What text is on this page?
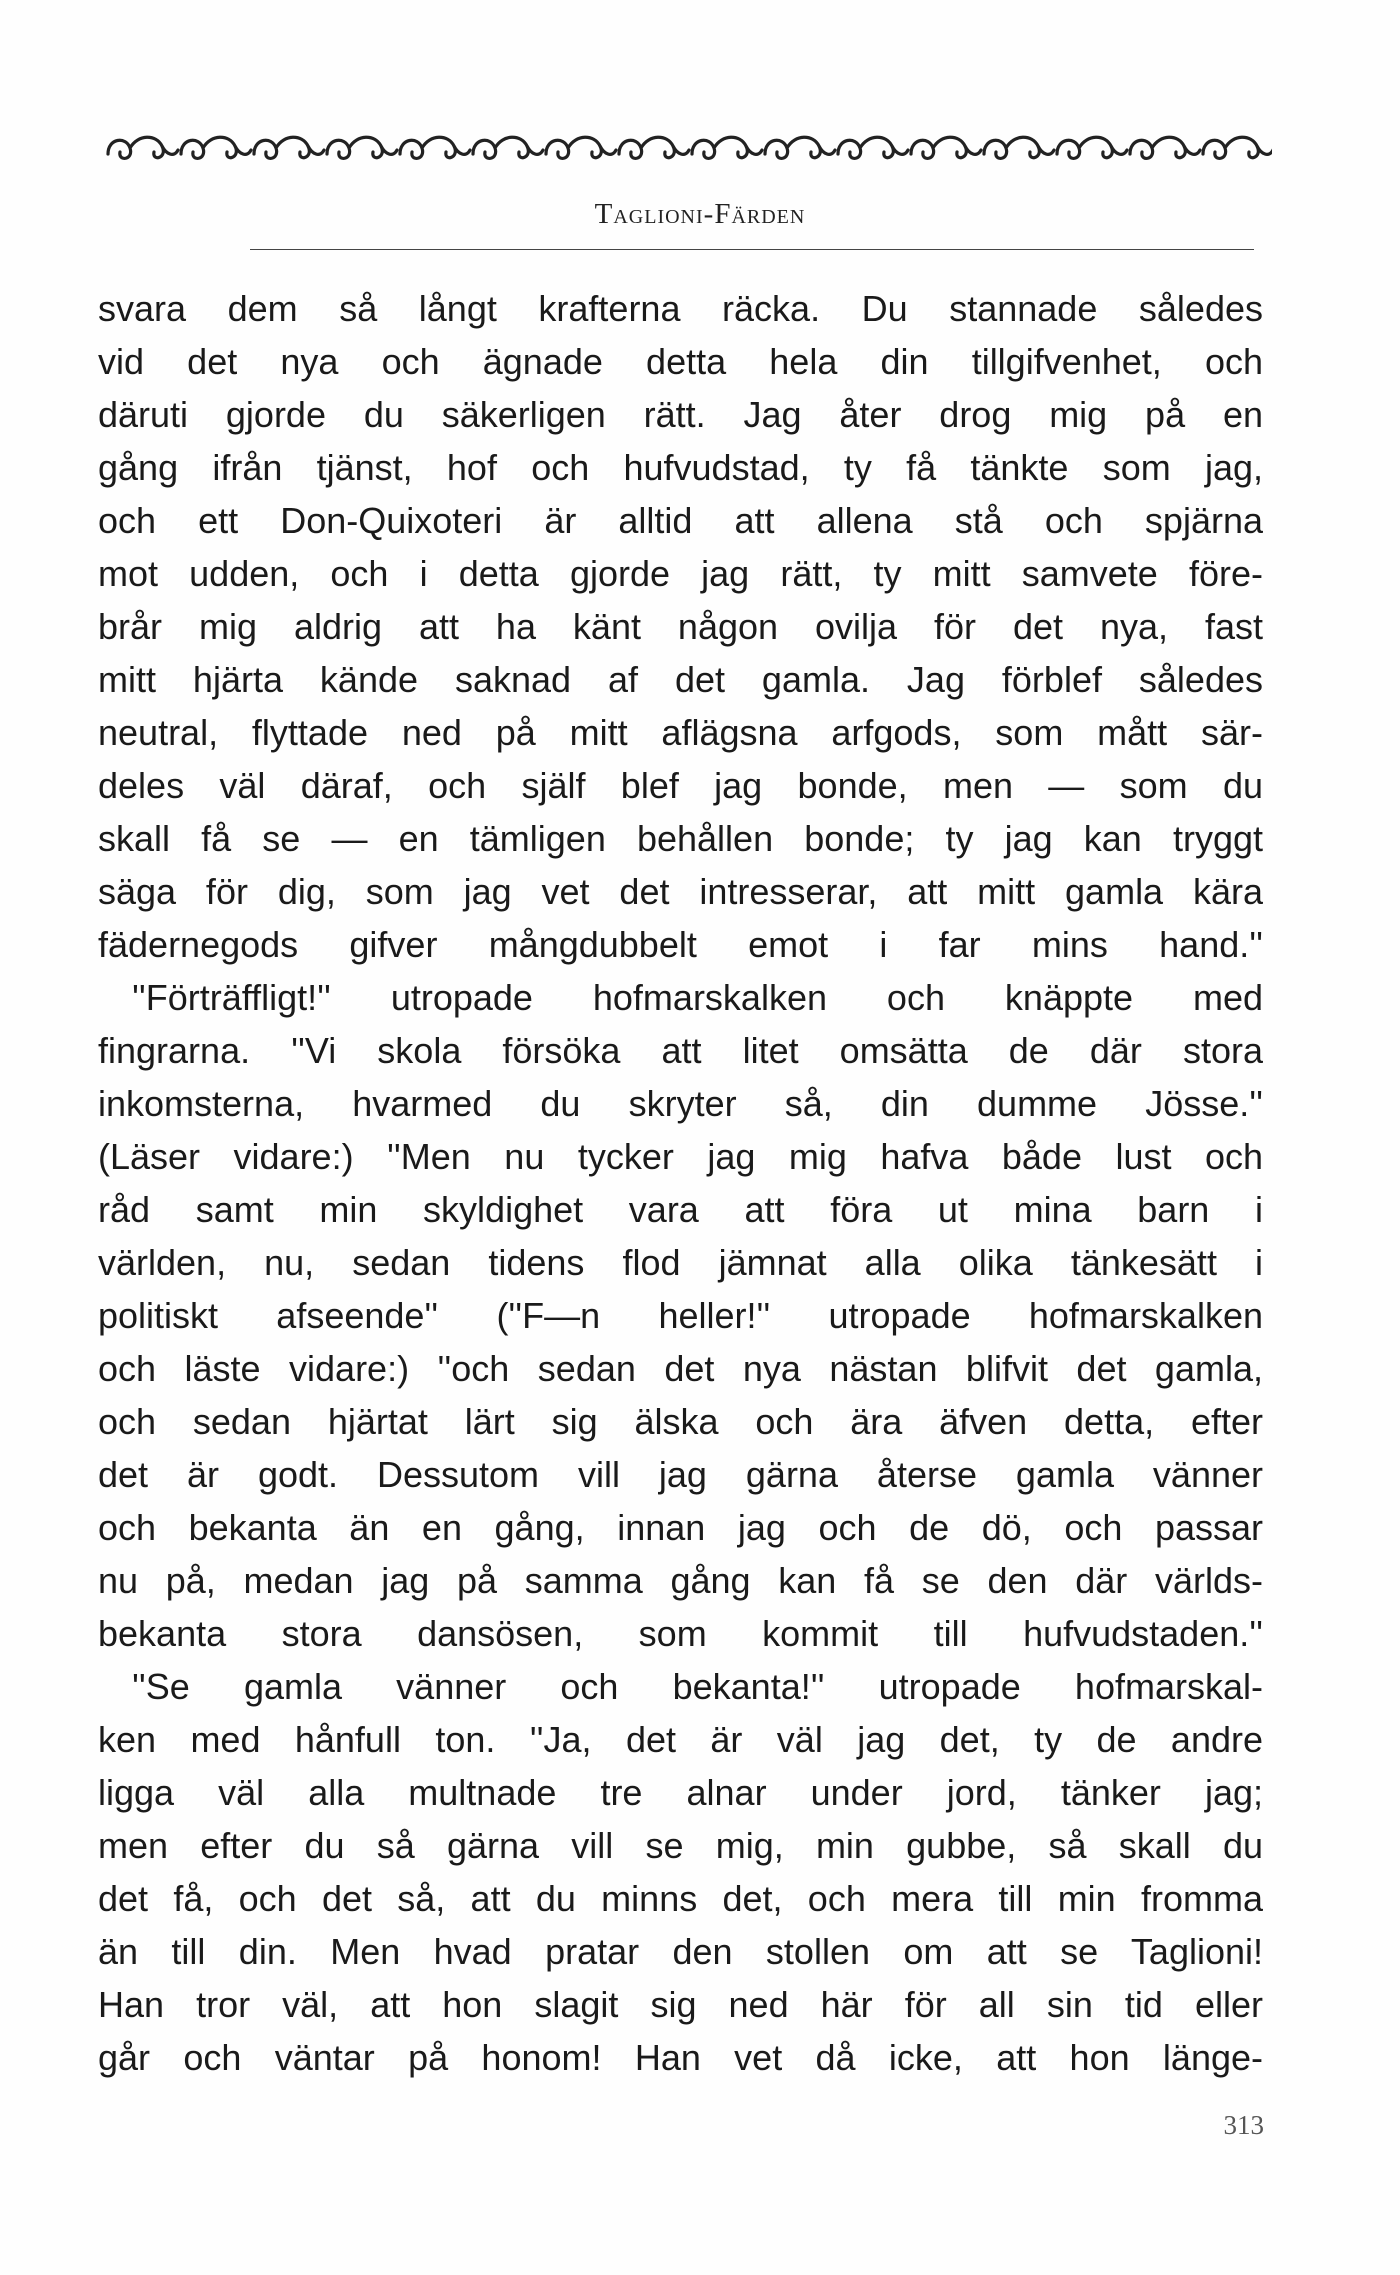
Taglioni-Färden
svara dem så långt krafterna räcka. Du stannade således
vid det nya och ägnade detta hela din tillgifvenhet, och
däruti gjorde du säkerligen rätt. Jag åter drog mig på en
gång ifrån tjänst, hof och hufvudstad, ty få tänkte som jag,
och ett Don-Quixoteri är alltid att allena stå och spjärna
mot udden, och i detta gjorde jag rätt, ty mitt samvete före-
brår mig aldrig att ha känt någon ovilja för det nya, fast
mitt hjärta kände saknad af det gamla. Jag förblef således
neutral, flyttade ned på mitt aflägsna arfgods, som mått sär-
deles väl däraf, och själf blef jag bonde, men — som du
skall få se — en tämligen behållen bonde; ty jag kan tryggt
säga för dig, som jag vet det intresserar, att mitt gamla kära
fädernegods gifver mångdubbelt emot i far mins hand.''
''Förträffligt!'' utropade hofmarskalken och knäppte med
fingrarna. ''Vi skola försöka att litet omsätta de där stora
inkomsterna, hvarmed du skryter så, din dumme Jösse.''
(Läser vidare:) ''Men nu tycker jag mig hafva både lust och
råd samt min skyldighet vara att föra ut mina barn i
världen, nu, sedan tidens flod jämnat alla olika tänkesätt i
politiskt afseende'' (''F—n heller!'' utropade hofmarskalken
och läste vidare:) ''och sedan det nya nästan blifvit det gamla,
och sedan hjärtat lärt sig älska och ära äfven detta, efter
det är godt. Dessutom vill jag gärna återse gamla vänner
och bekanta än en gång, innan jag och de dö, och passar
nu på, medan jag på samma gång kan få se den där världs-
bekanta stora dansösen, som kommit till hufvudstaden.''
''Se gamla vänner och bekanta!'' utropade hofmarskal-
ken med hånfull ton. ''Ja, det är väl jag det, ty de andre
ligga väl alla multnade tre alnar under jord, tänker jag;
men efter du så gärna vill se mig, min gubbe, så skall du
det få, och det så, att du minns det, och mera till min fromma
än till din. Men hvad pratar den stollen om att se Taglioni!
Han tror väl, att hon slagit sig ned här för all sin tid eller
går och väntar på honom! Han vet då icke, att hon länge-
313
